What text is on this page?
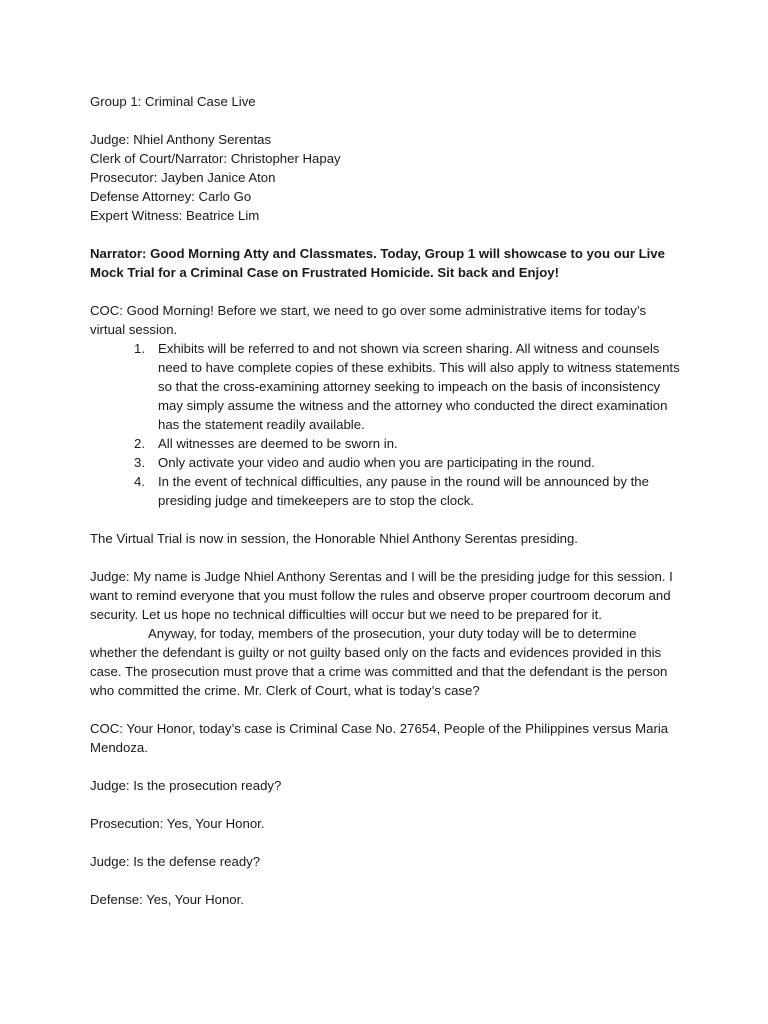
Group 1: Criminal Case Live

Judge: Nhiel Anthony Serentas

Clerk of Court/Narrator: Christopher Hapay

Prosecutor: Jayben Janice Aton

Defense Attorney: Carlo Go

Expert Witness: Beatrice Lim

Narrator: Good Morning Atty and Classmates. Today, Group 1 will showcase to you our Live Mock Trial for a Criminal Case on Frustrated Homicide. Sit back and Enjoy!

COC: Good Morning! Before we start, we need to go over some administrative items for today’s virtual session.

1. Exhibits will be referred to and not shown via screen sharing. All witness and counsels need to have complete copies of these exhibits. This will also apply to witness statements so that the cross-examining attorney seeking to impeach on the basis of inconsistency may simply assume the witness and the attorney who conducted the direct examination has the statement readily available.
2. All witnesses are deemed to be sworn in.
3. Only activate your video and audio when you are participating in the round.
4. In the event of technical difficulties, any pause in the round will be announced by the presiding judge and timekeepers are to stop the clock.

The Virtual Trial is now in session, the Honorable Nhiel Anthony Serentas presiding.

Judge: My name is Judge Nhiel Anthony Serentas and I will be the presiding judge for this session. I want to remind everyone that you must follow the rules and observe proper courtroom decorum and security. Let us hope no technical difficulties will occur but we need to be prepared for it.

Anyway, for today, members of the prosecution, your duty today will be to determine whether the defendant is guilty or not guilty based only on the facts and evidences provided in this case. The prosecution must prove that a crime was committed and that the defendant is the person who committed the crime. Mr. Clerk of Court, what is today’s case?

COC: Your Honor, today’s case is Criminal Case No. 27654, People of the Philippines versus Maria Mendoza.

Judge: Is the prosecution ready?

Prosecution: Yes, Your Honor.

Judge: Is the defense ready?

Defense: Yes, Your Honor.
